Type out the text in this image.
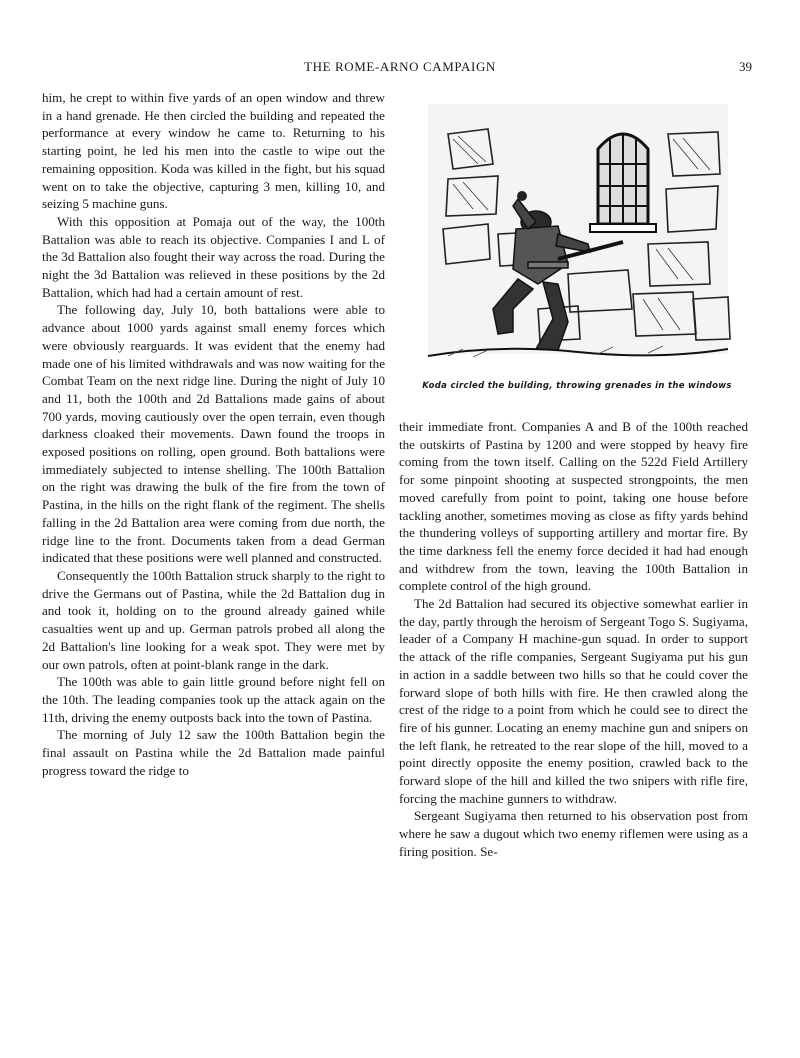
THE ROME-ARNO CAMPAIGN	39

him, he crept to within five yards of an open window and threw in a hand grenade. He then circled the building and repeated the performance at every window he came to. Returning to his starting point, he led his men into the castle to wipe out the remaining opposition. Koda was killed in the fight, but his squad went on to take the objective, capturing 3 men, killing 10, and seizing 5 machine guns.

With this opposition at Pomaja out of the way, the 100th Battalion was able to reach its objective. Companies I and L of the 3d Battalion also fought their way across the road. During the night the 3d Battalion was relieved in these positions by the 2d Battalion, which had had a certain amount of rest.

The following day, July 10, both battalions were able to advance about 1000 yards against small enemy forces which were obviously rearguards. It was evident that the enemy had made one of his limited withdrawals and was now waiting for the Combat Team on the next ridge line. During the night of July 10 and 11, both the 100th and 2d Battalions made gains of about 700 yards, moving cautiously over the open terrain, even though darkness cloaked their movements. Dawn found the troops in exposed positions on rolling, open ground. Both battalions were immediately subjected to intense shelling. The 100th Battalion on the right was drawing the bulk of the fire from the town of Pastina, in the hills on the right flank of the regiment. The shells falling in the 2d Battalion area were coming from due north, the ridge line to the front. Documents taken from a dead German indicated that these positions were well planned and constructed.

Consequently the 100th Battalion struck sharply to the right to drive the Germans out of Pastina, while the 2d Battalion dug in and took it, holding on to the ground already gained while casualties went up and up. German patrols probed all along the 2d Battalion's line looking for a weak spot. They were met by our own patrols, often at point-blank range in the dark.

The 100th was able to gain little ground before night fell on the 10th. The leading companies took up the attack again on the 11th, driving the enemy outposts back into the town of Pastina.

The morning of July 12 saw the 100th Battalion begin the final assault on Pastina while the 2d Battalion made painful progress toward the ridge to

Koda circled the building, throwing grenades in the windows

their immediate front. Companies A and B of the 100th reached the outskirts of Pastina by 1200 and were stopped by heavy fire coming from the town itself. Calling on the 522d Field Artillery for some pinpoint shooting at suspected strongpoints, the men moved carefully from point to point, taking one house before tackling another, sometimes moving as close as fifty yards behind the thundering volleys of supporting artillery and mortar fire. By the time darkness fell the enemy force decided it had had enough and withdrew from the town, leaving the 100th Battalion in complete control of the high ground.

The 2d Battalion had secured its objective somewhat earlier in the day, partly through the heroism of Sergeant Togo S. Sugiyama, leader of a Company H machine-gun squad. In order to support the attack of the rifle companies, Sergeant Sugiyama put his gun in action in a saddle between two hills so that he could cover the forward slope of both hills with fire. He then crawled along the crest of the ridge to a point from which he could see to direct the fire of his gunner. Locating an enemy machine gun and snipers on the left flank, he retreated to the rear slope of the hill, moved to a point directly opposite the enemy position, crawled back to the forward slope of the hill and killed the two snipers with rifle fire, forcing the machine gunners to withdraw.

Sergeant Sugiyama then returned to his observation post from where he saw a dugout which two enemy riflemen were using as a firing position. Se-
